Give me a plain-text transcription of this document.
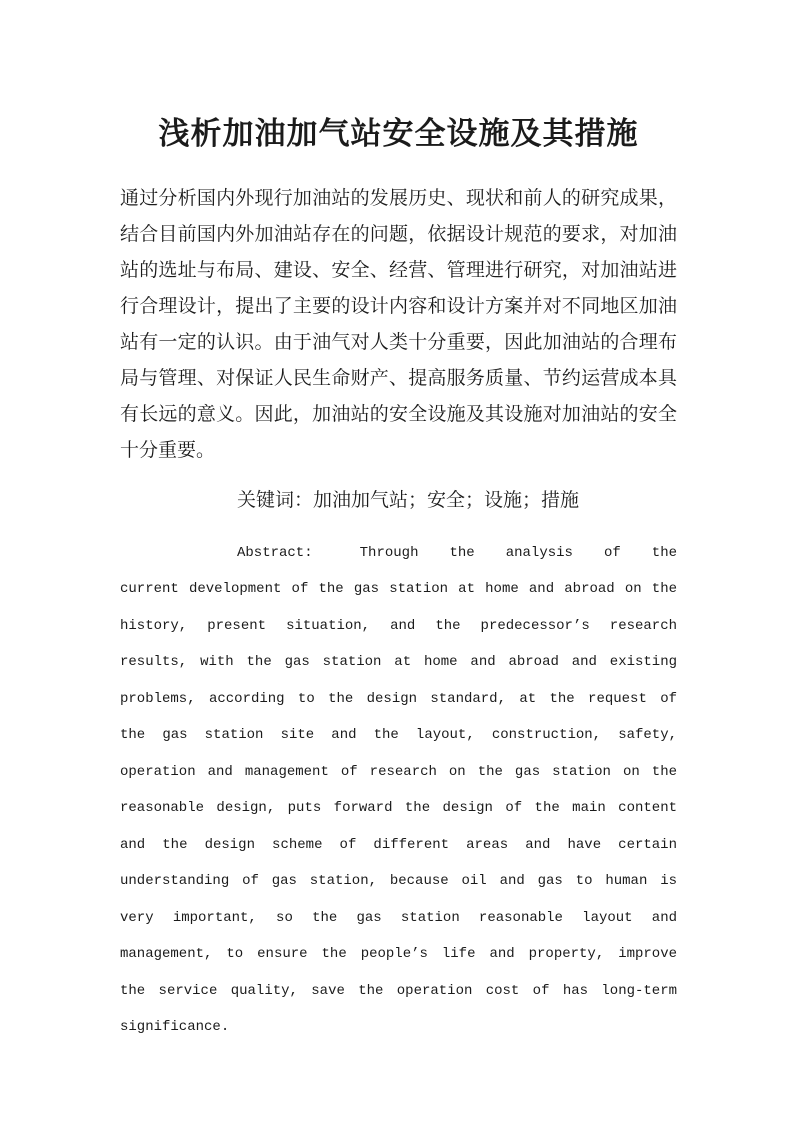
浅析加油加气站安全设施及其措施
通过分析国内外现行加油站的发展历史、现状和前人的研究成果，
结合目前国内外加油站存在的问题，依据设计规范的要求，对加油
站的选址与布局、建设、安全、经营、管理进行研究，对加油站进
行合理设计，提出了主要的设计内容和设计方案并对不同地区加油
站有一定的认识。由于油气对人类十分重要，因此加油站的合理布
局与管理、对保证人民生命财产、提高服务质量、节约运营成本具
有长远的意义。因此，加油站的安全设施及其设施对加油站的安全
十分重要。
关键词：加油加气站；安全；设施；措施
Abstract:	Through the analysis of the
current development of the gas station at home and abroad on the
history, present situation, and the predecessor’s research
results, with the gas station at home and abroad and existing
problems, according to the design standard, at the request of
the gas station site and the layout, construction, safety,
operation and management of research on the gas station on the
reasonable design, puts forward the design of the main content
and the design scheme of different areas and have certain
understanding of gas station, because oil and gas to human is
very important, so the gas station reasonable layout and
management, to ensure the people’s life and property, improve
the service quality, save the operation cost of has long-term
significance.
